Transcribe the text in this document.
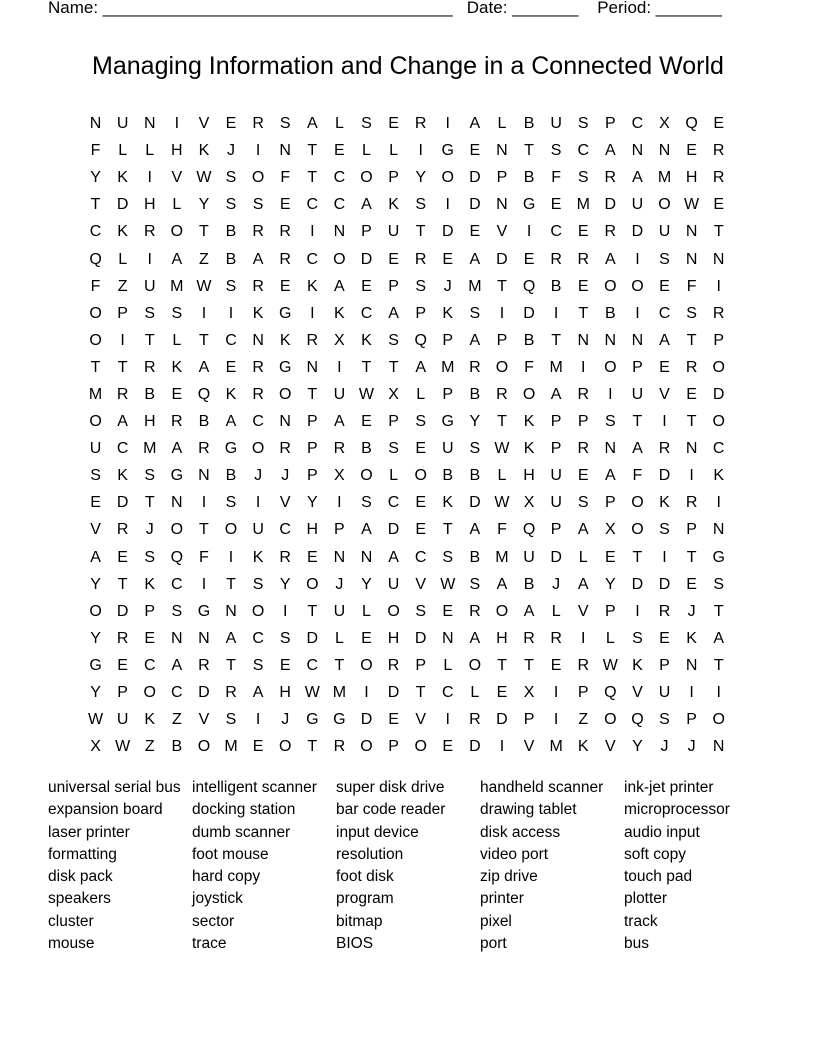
Name: _____________________________________   Date: _______    Period: _______
Managing Information and Change in a Connected World
N U N	I	V	E R S	A	L	S	E R	I	A	L	B U S	P C X Q E
F	L	L	H K	J	I	N	T	E	L	L	I	G E N	T	S C A N N E R
Y	K	I	V W S O F	T	C O P	Y O D P	B	F	S R A M H R
T	D H	L	Y	S	S	E C C A	K	S	I	D N G E M D U O W E
C K R O T	B R R	I	N P U	T	D E	V	I	C E R D U N	T
Q	L	I	A	Z	B	A R C O D E R E	A D E R R A	I	S N N
F	Z	U M W S R E	K	A	E	P	S	J	M T Q B	E O O E	F	I
O P	S	S	I	I	K G	I	K C A	P	K	S	I	D	I	T	B	I	C S R
O	I	T	L	T	C N K R X	K	S Q P	A	P	B	T	N N N A	T	P
T	T	R K	A	E R G N	I	T	T	A M R O F M	I	O P	E R O
M R B	E Q K R O T	U W X	L	P	B R O A R	I	U V	E D
O A H R B	A C N P	A	E	P	S G Y	T	K	P	P	S	T	I	T O
U C M A R G O R P R B	S	E U S W K	P R N A R N C
S	K	S G N B	J	J	P	X O	L	O B	B	L	H U E	A	F	D	I	K
E D	T	N	I	S	I	V	Y	I	S C E	K D W X U S	P O K R	I
V R	J	O T O U C H P	A D E	T	A	F Q P	A	X O S	P N
A	E	S Q F	I	K R E N N A C S	B M U D	L	E	T	I	T G
Y	T	K C	I	T	S	Y O	J	Y U V W S	A	B	J	A	Y D D E	S
O D P	S G N O	I	T	U	L	O S	E R O A	L	V	P	I	R	J	T
Y R E N N A C S D	L	E H D N A H R R	I	L	S	E	K	A
G E C A R	T	S	E C	T O R P	L	O T	T	E R W K	P N	T
Y	P O C D R A H W M	I	D	T	C	L	E	X	I	P Q V U	I	I
W U K	Z	V	S	I	J	G G D E	V	I	R D P	I	Z O Q S	P O
X W Z	B O M E O T	R O P O E D	I	V M K	V	Y	J	J	N
universal serial bus
expansion board
laser printer
formatting
disk pack
speakers
cluster
mouse
intelligent scanner
docking station
dumb scanner
foot mouse
hard copy
joystick
sector
trace
super disk drive
bar code reader
input device
resolution
foot disk
program
bitmap
BIOS
handheld scanner
drawing tablet
disk access
video port
zip drive
printer
pixel
port
ink-jet printer
microprocessor
audio input
soft copy
touch pad
plotter
track
bus
